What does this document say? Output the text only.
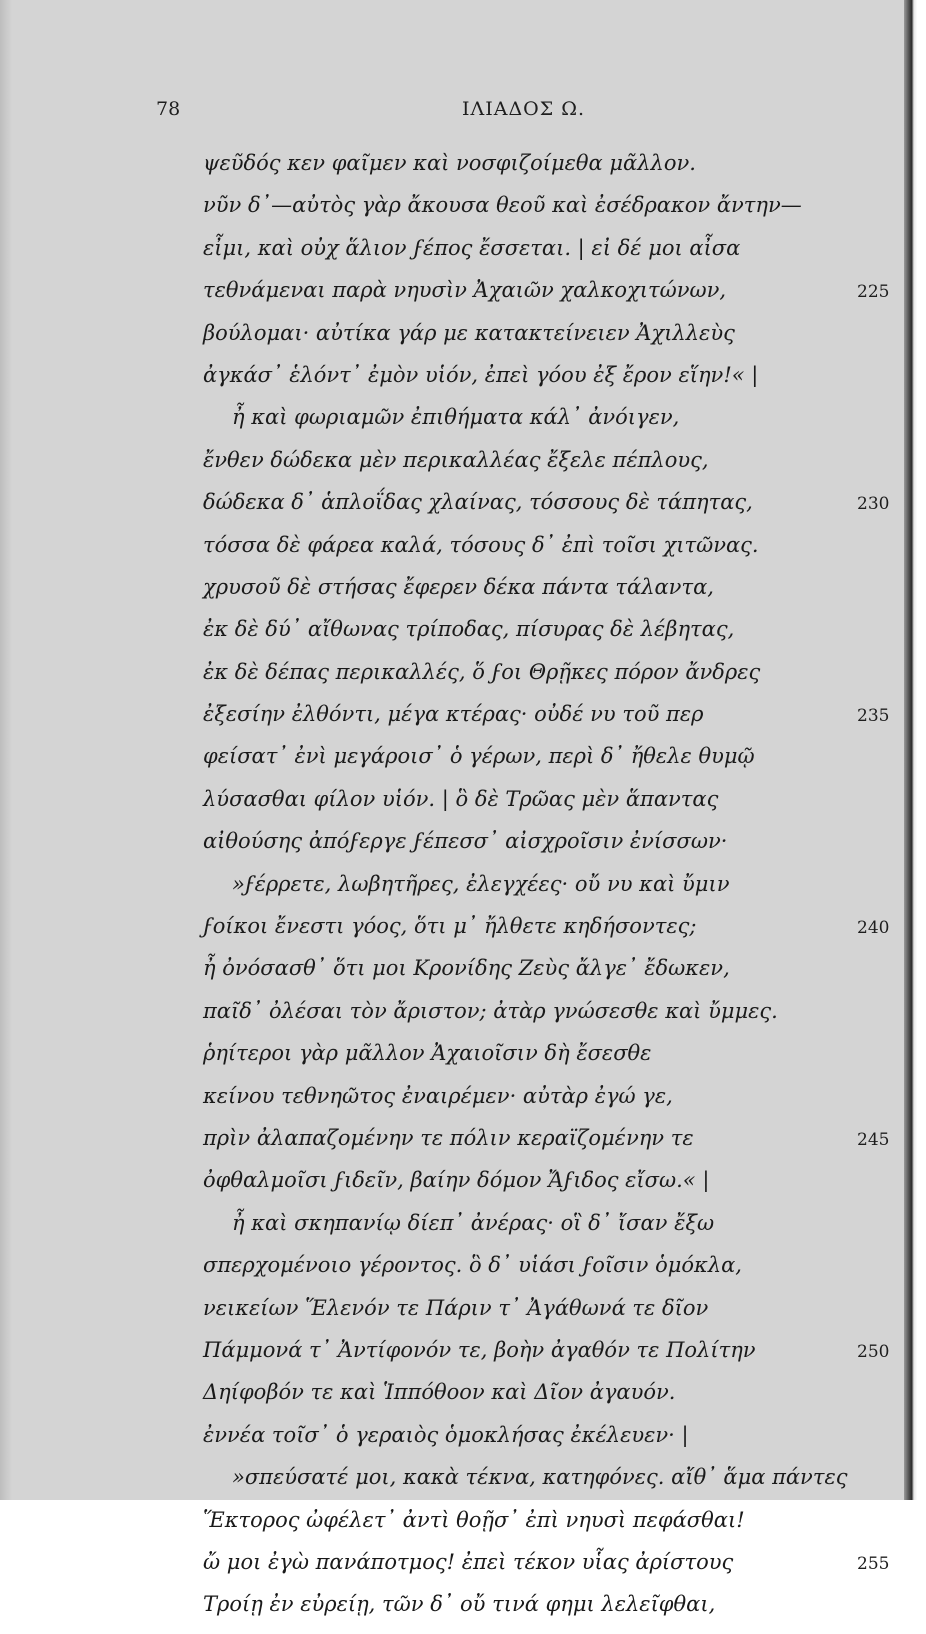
78	ΙΛΙΑΔΟΣ Ω.
ψεῦδός κεν φαῖμεν καὶ νοσφιζοίμεθα μᾶλλον.
νῦν δ᾽—αὐτὸς γὰρ ἄκουσα θεοῦ καὶ ἐσέδρακον ἄντην—
εἶμι, καὶ οὐχ ἅλιον ϝέπος ἔσσεται. | εἰ δέ μοι αἶσα
τεθνάμεναι παρὰ νηυσὶν Ἀχαιῶν χαλκοχιτώνων,	225
βούλομαι· αὐτίκα γάρ με κατακτείνειεν Ἀχιλλεὺς
ἀγκάσ᾽ ἑλόντ᾽ ἐμὸν υἱόν, ἐπεὶ γόου ἐξ ἔρον εἵην!« |
ἦ καὶ φωριαμῶν ἐπιθήματα κάλ᾽ ἀνόιγεν,
ἔνθεν δώδεκα μὲν περικαλλέας ἔξελε πέπλους,
δώδεκα δ᾽ ἁπλοΐδας χλαίνας, τόσσους δὲ τάπητας,	230
τόσσα δὲ φάρεα καλά, τόσους δ᾽ ἐπὶ τοῖσι χιτῶνας.
χρυσοῦ δὲ στήσας ἔφερεν δέκα πάντα τάλαντα,
ἐκ δὲ δύ᾽ αἴθωνας τρίποδας, πίσυρας δὲ λέβητας,
ἐκ δὲ δέπας περικαλλές, ὅ ϝοι Θρῇκες πόρον ἄνδρες
ἐξεσίην ἐλθόντι, μέγα κτέρας· οὐδέ νυ τοῦ περ	235
φείσατ᾽ ἐνὶ μεγάροισ᾽ ὁ γέρων, περὶ δ᾽ ἤθελε θυμῷ
λύσασθαι φίλον υἱόν. | ὃ δὲ Τρῶας μὲν ἅπαντας
αἰθούσης ἀπόϝεργε ϝέπεσσ᾽ αἰσχροῖσιν ἐνίσσων·
»ϝέρρετε, λωβητῆρες, ἐλεγχέες· οὔ νυ καὶ ὔμιν
ϝοίκοι ἔνεστι γόος, ὅτι μ᾽ ἤλθετε κηδήσοντες;	240
ἦ ὀνόσασθ᾽ ὅτι μοι Κρονίδης Ζεὺς ἄλγε᾽ ἔδωκεν,
παῖδ᾽ ὀλέσαι τὸν ἄριστον; ἀτὰρ γνώσεσθε καὶ ὔμμες.
ῥηίτεροι γὰρ μᾶλλον Ἀχαιοῖσιν δὴ ἔσεσθε
κείνου τεθνηῶτος ἐναιρέμεν· αὐτὰρ ἐγώ γε,
πρὶν ἀλαπαζομένην τε πόλιν κεραϊζομένην τε	245
ὀφθαλμοῖσι ϝιδεῖν, βαίην δόμον Ἄϝιδος εἴσω.« |
ἦ καὶ σκηπανίῳ δίεπ᾽ ἀνέρας· οἳ δ᾽ ἴσαν ἔξω
σπερχομένοιο γέροντος. ὃ δ᾽ υἱάσι ϝοῖσιν ὁμόκλα,
νεικείων Ἕλενόν τε Πάριν τ᾽ Ἀγάθωνά τε δῖον
Πάμμονά τ᾽ Ἀντίφονόν τε, βοὴν ἀγαθόν τε Πολίτην	250
Δηίφοβόν τε καὶ Ἱππόθοον καὶ Δῖον ἀγαυόν.
ἐννέα τοῖσ᾽ ὁ γεραιὸς ὁμοκλήσας ἐκέλευεν· |
»σπεύσατέ μοι, κακὰ τέκνα, κατηφόνες. αἴθ᾽ ἅμα πάντες
Ἕκτορος ὠφέλετ᾽ ἀντὶ θοῇσ᾽ ἐπὶ νηυσὶ πεφάσθαι!
ὤ μοι ἐγὼ πανάποτμος! ἐπεὶ τέκον υἷας ἀρίστους	255
Τροίῃ ἐν εὐρείῃ, τῶν δ᾽ οὔ τινά φημι λελεῖφθαι,
